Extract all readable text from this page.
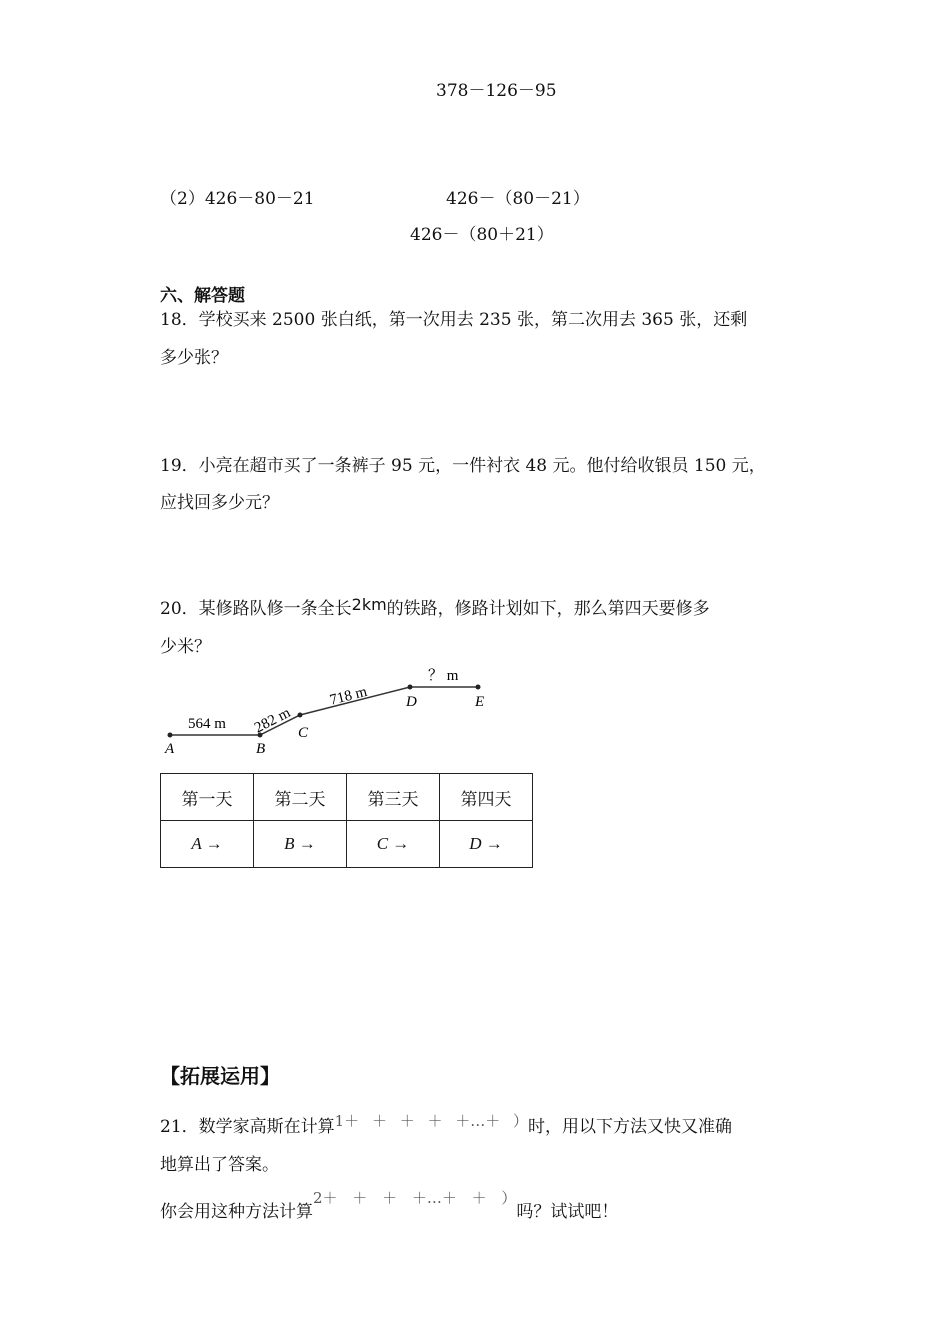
378－126－95
（2）426－80－21	426－（80－21）
426－（80＋21）
六、解答题
18．学校买来 2500 张白纸，第一次用去 235 张，第二次用去 365 张，还剩
多少张？
19．小亮在超市买了一条裤子 95 元，一件衬衣 48 元。他付给收银员 150 元，
应找回多少元？
20．某修路队修一条全长2km的铁路，修路计划如下，那么第四天要修多
少米？
564 m 282 m
718 m
？ m
A	B
C
D	E
第一天	第二天	第三天	第四天
A →	B →	C →	D →
【拓展运用】
21．数学家高斯在计算1＋ ＋ ＋ ＋ ＋…＋ ）时，用以下方法又快又准确
地算出了答案。
你会用这种方法计算2＋ ＋ ＋ ＋…＋ ＋ ）吗？试试吧！
